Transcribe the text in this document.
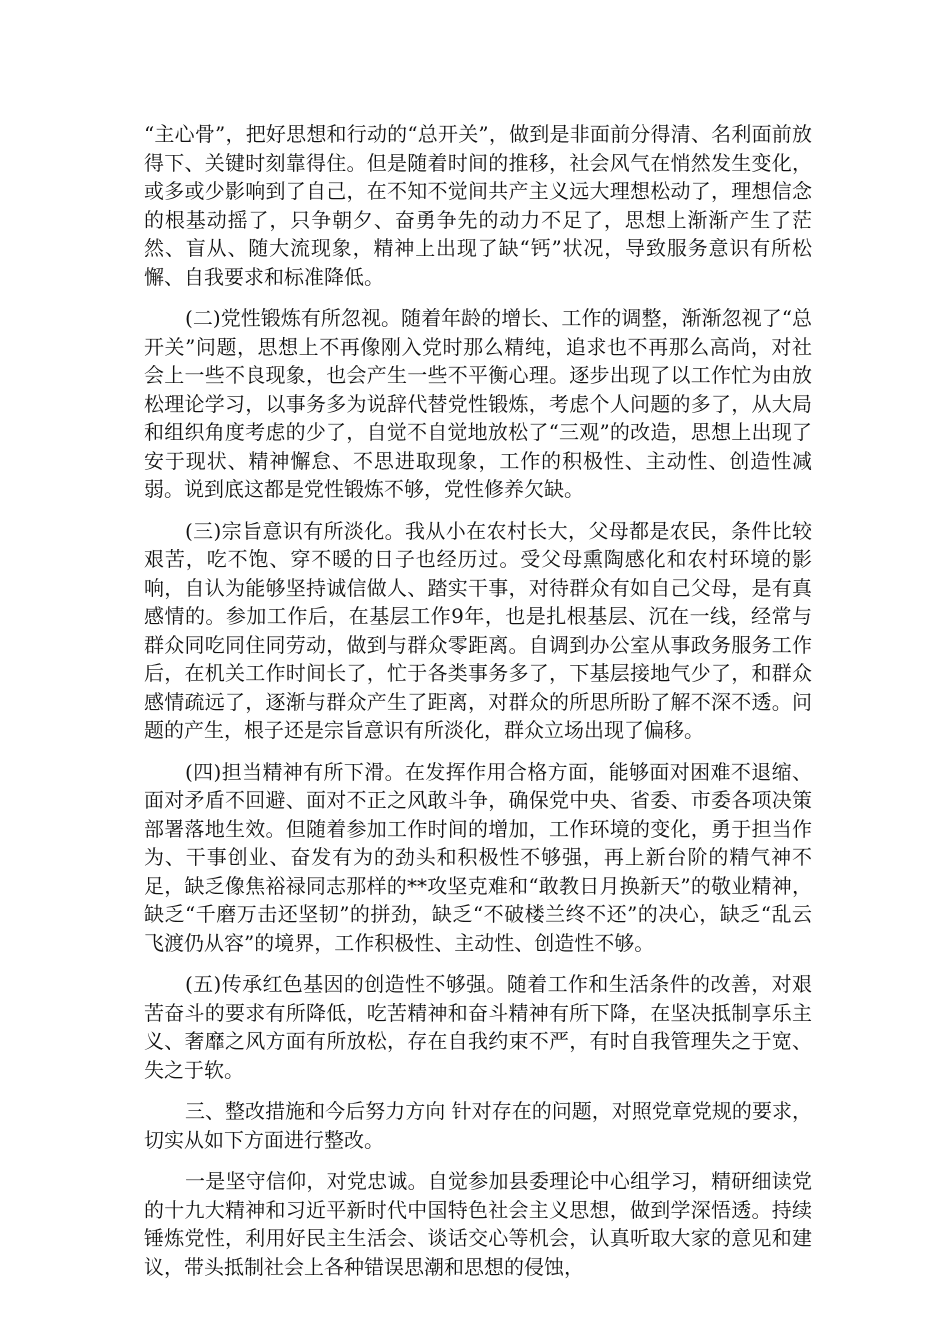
“主心骨”，把好思想和行动的“总开关”，做到是非面前分得清、名利面前放得下、关键时刻靠得住。但是随着时间的推移，社会风气在悄然发生变化，或多或少影响到了自己，在不知不觉间共产主义远大理想松动了，理想信念的根基动摇了，只争朝夕、奋勇争先的动力不足了，思想上渐渐产生了茫然、盲从、随大流现象，精神上出现了缺“钙”状况，导致服务意识有所松懈、自我要求和标准降低。

(二)党性锻炼有所忽视。随着年龄的增长、工作的调整，渐渐忽视了“总开关”问题，思想上不再像刚入党时那么精纯，追求也不再那么高尚，对社会上一些不良现象，也会产生一些不平衡心理。逐步出现了以工作忙为由放松理论学习，以事务多为说辞代替党性锻炼，考虑个人问题的多了，从大局和组织角度考虑的少了，自觉不自觉地放松了“三观”的改造，思想上出现了安于现状、精神懈怠、不思进取现象，工作的积极性、主动性、创造性减弱。说到底这都是党性锻炼不够，党性修养欠缺。

(三)宗旨意识有所淡化。我从小在农村长大，父母都是农民，条件比较艰苦，吃不饱、穿不暖的日子也经历过。受父母熏陶感化和农村环境的影响，自认为能够坚持诚信做人、踏实干事，对待群众有如自己父母，是有真感情的。参加工作后，在基层工作9年，也是扎根基层、沉在一线，经常与群众同吃同住同劳动，做到与群众零距离。自调到办公室从事政务服务工作后，在机关工作时间长了，忙于各类事务多了，下基层接地气少了，和群众感情疏远了，逐渐与群众产生了距离，对群众的所思所盼了解不深不透。问题的产生，根子还是宗旨意识有所淡化，群众立场出现了偏移。

(四)担当精神有所下滑。在发挥作用合格方面，能够面对困难不退缩、面对矛盾不回避、面对不正之风敢斗争，确保党中央、省委、市委各项决策部署落地生效。但随着参加工作时间的增加，工作环境的变化，勇于担当作为、干事创业、奋发有为的劲头和积极性不够强，再上新台阶的精气神不足，缺乏像焦裕禄同志那样的**攻坚克难和“敢教日月换新天”的敬业精神，缺乏“千磨万击还坚韧”的拼劲，缺乏“不破楼兰终不还”的决心，缺乏“乱云飞渡仍从容”的境界，工作积极性、主动性、创造性不够。

(五)传承红色基因的创造性不够强。随着工作和生活条件的改善，对艰苦奋斗的要求有所降低，吃苦精神和奋斗精神有所下降，在坚决抵制享乐主义、奢靡之风方面有所放松，存在自我约束不严，有时自我管理失之于宽、失之于软。

三、整改措施和今后努力方向 针对存在的问题，对照党章党规的要求，切实从如下方面进行整改。

一是坚守信仰，对党忠诚。自觉参加县委理论中心组学习，精研细读党的十九大精神和习近平新时代中国特色社会主义思想，做到学深悟透。持续锤炼党性，利用好民主生活会、谈话交心等机会，认真听取大家的意见和建议，带头抵制社会上各种错误思潮和思想的侵蚀，
